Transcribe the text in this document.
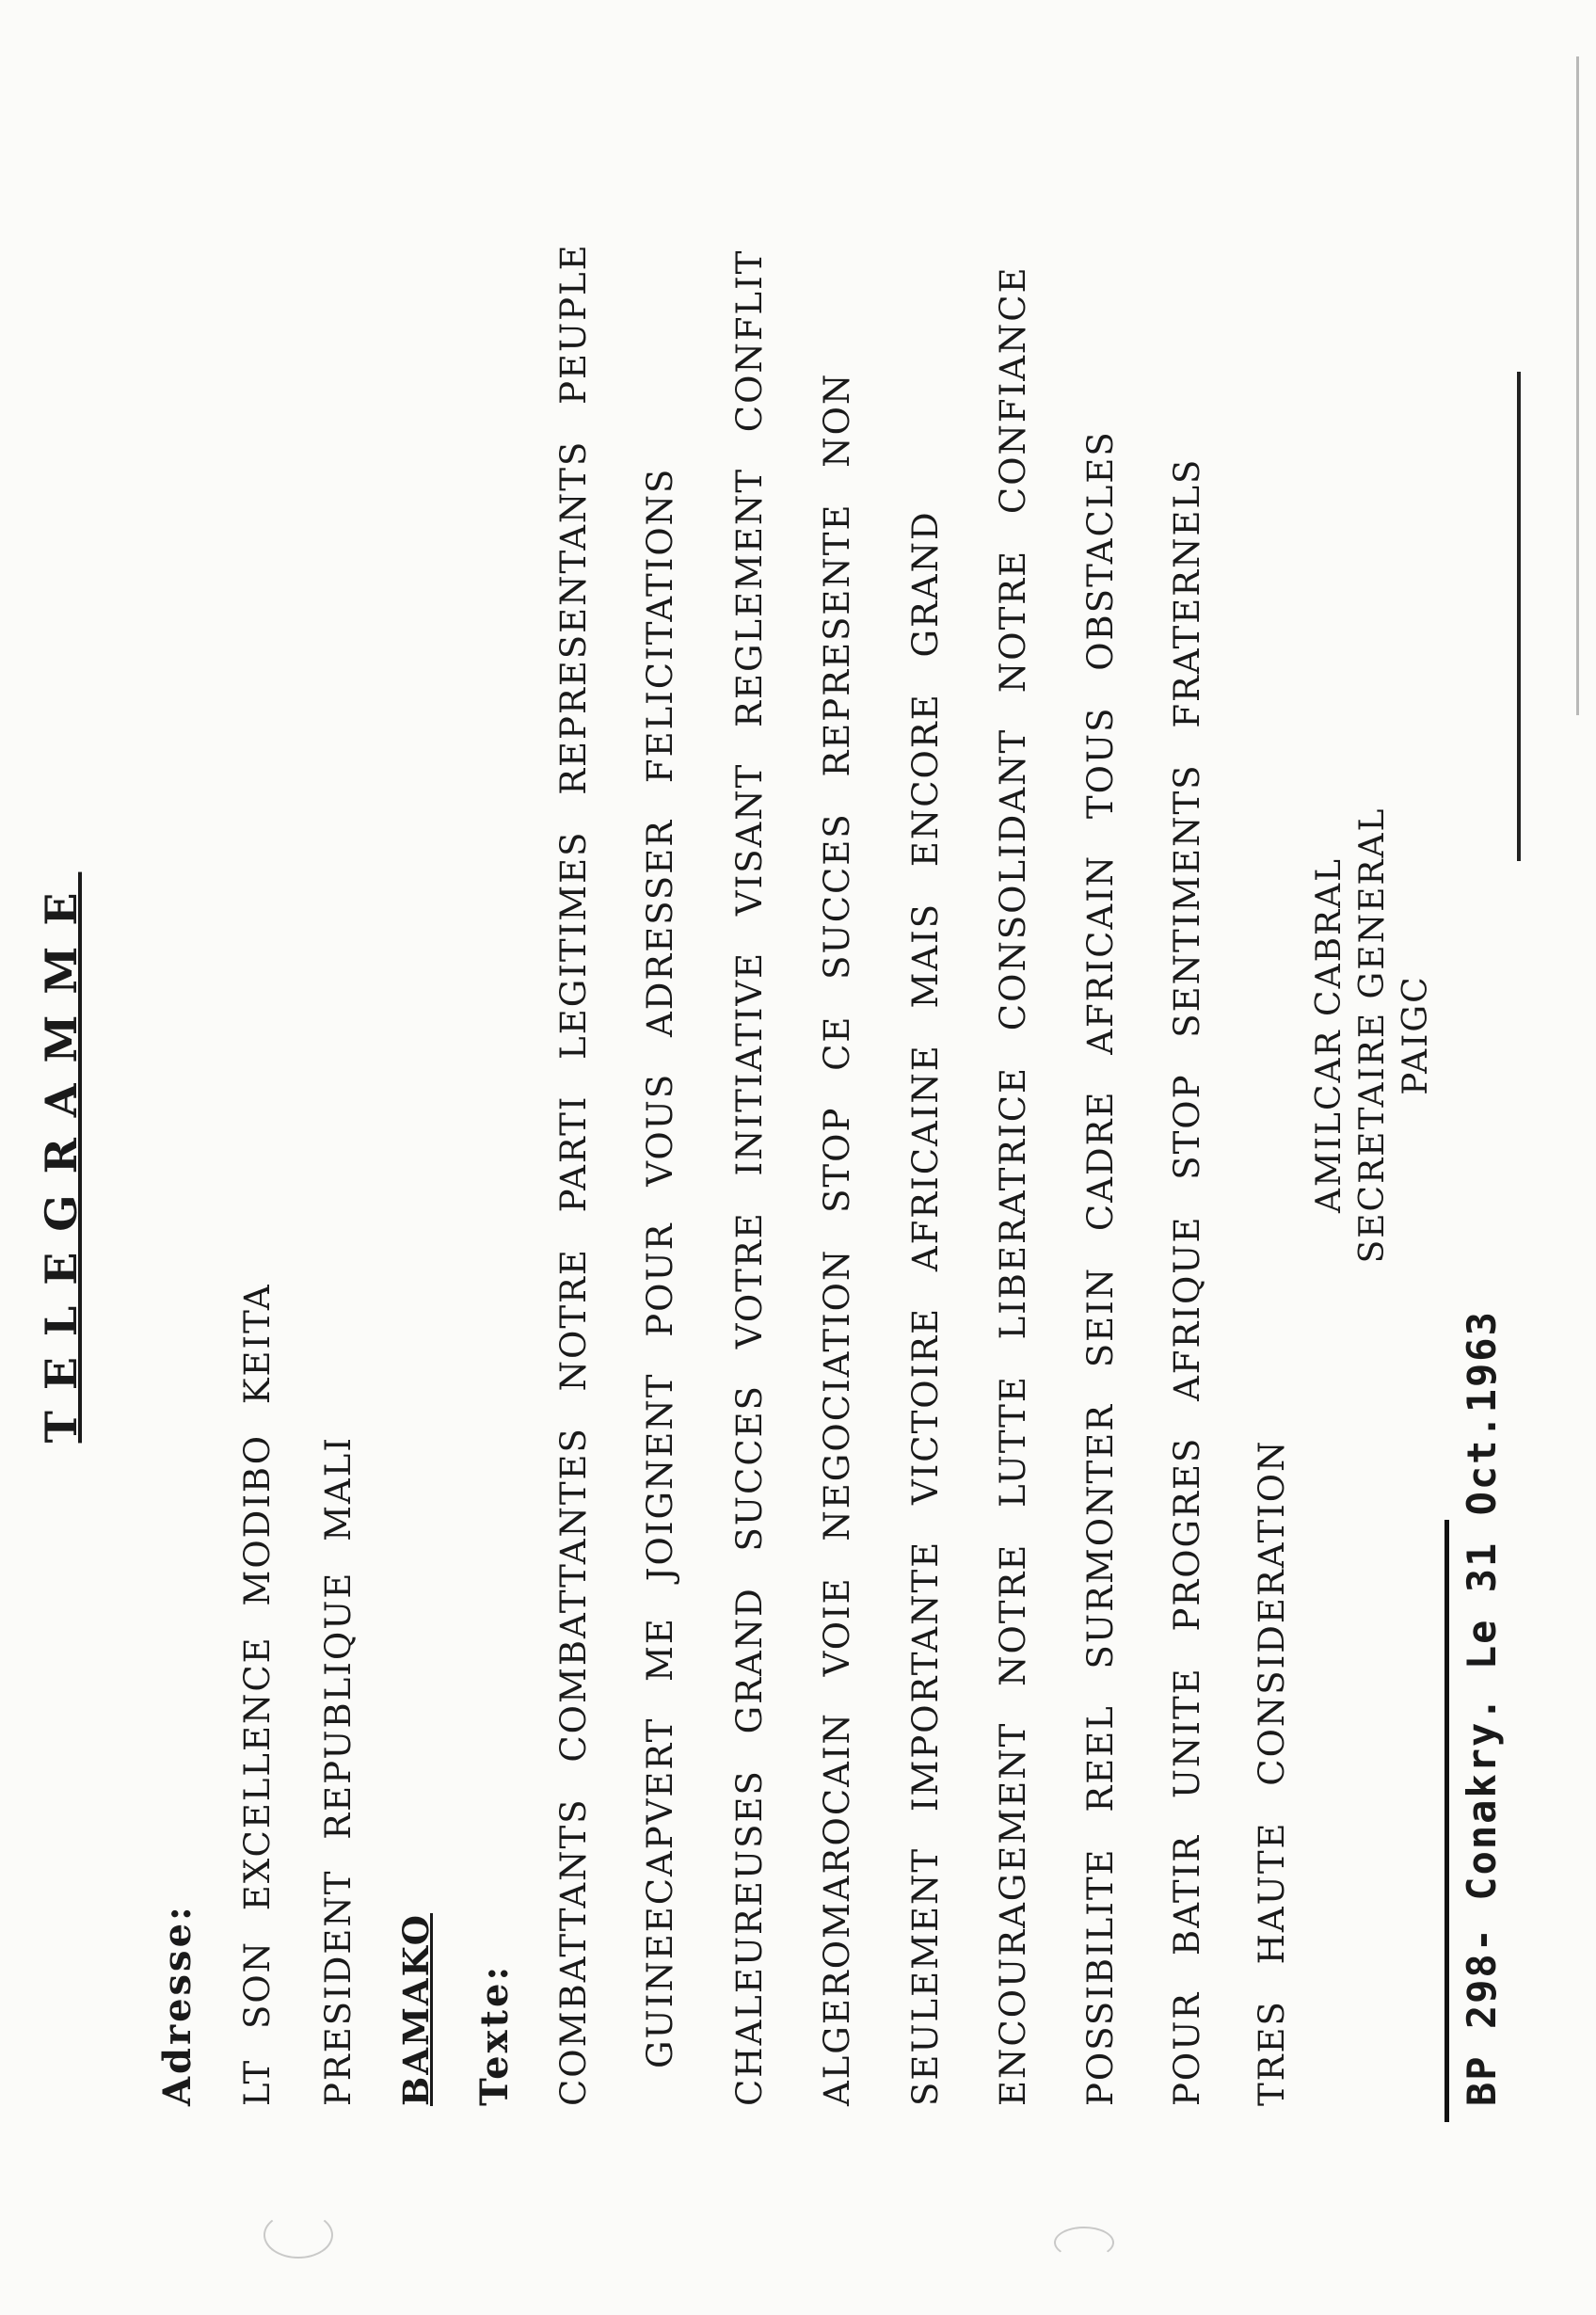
TELEGRAMME
Adresse: LT SON EXCELLENCE MODIBO KEITA PRESIDENT REPUBLIQUE MALI BAMAKO Texte: COMBATTANTS COMBATTANTES NOTRE PARTI LEGITIMES REPRESENTANTS PEUPLE GUINEECAPVERT ME JOIGNENT POUR VOUS ADRESSER FELICITATIONS CHALEUREUSES GRAND SUCCES VOTRE INITIATIVE VISANT REGLEMENT CONFLIT ALGEROMAROCAIN VOIE NEGOCIATION STOP CE SUCCES REPRESENTE NON SEULEMENT IMPORTANTE VICTOIRE AFRICAINE MAIS ENCORE GRAND ENCOURAGEMENT NOTRE LUTTE LIBERATRICE CONSOLIDANT NOTRE CONFIANCE POSSIBILITE REEL SURMONTER SEIN CADRE AFRICAIN TOUS OBSTACLES POUR BATIR UNITE PROGRES AFRIQUE STOP SENTIMENTS FRATERNELS TRES HAUTE CONSIDERATION
AMILCAR CABRAL SECRETAIRE GENERAL PAIGC
BP 298- Conakry. Le 31 Oct.1963
